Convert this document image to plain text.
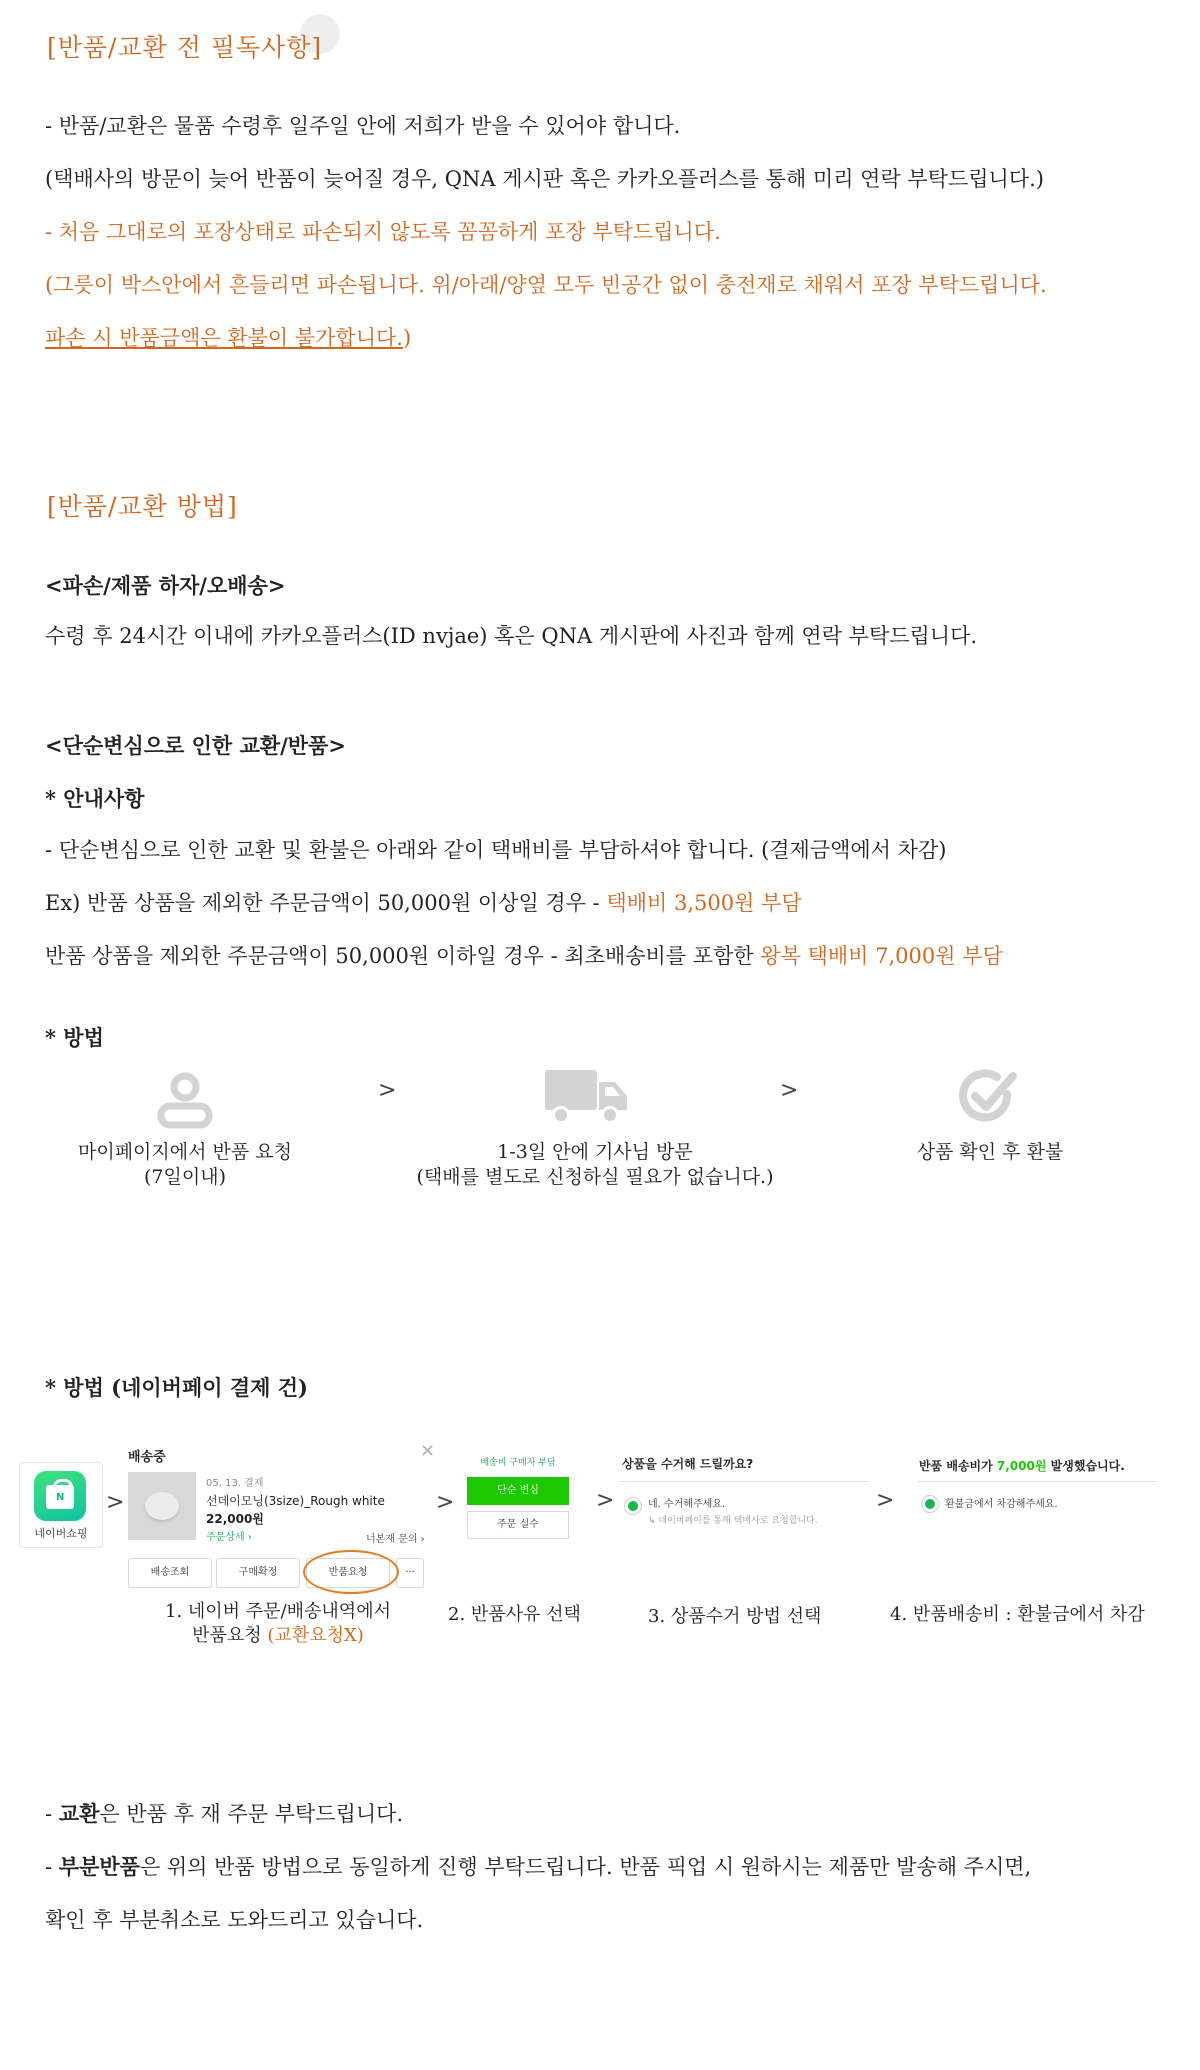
[반품/교환 전 필독사항]
- 반품/교환은 물품 수령후 일주일 안에 저희가 받을 수 있어야 합니다.
(택배사의 방문이 늦어 반품이 늦어질 경우, QNA 게시판 혹은 카카오플러스를 통해 미리 연락 부탁드립니다.)
- 처음 그대로의 포장상태로 파손되지 않도록 꼼꼼하게 포장 부탁드립니다.
(그릇이 박스안에서 흔들리면 파손됩니다. 위/아래/양옆 모두 빈공간 없이 충전재로 채워서 포장 부탁드립니다.
파손 시 반품금액은 환불이 불가합니다.)
[반품/교환 방법]
<파손/제품 하자/오배송>
수령 후 24시간 이내에 카카오플러스(ID nvjae) 혹은 QNA 게시판에 사진과 함께 연락 부탁드립니다.
<단순변심으로 인한 교환/반품>
* 안내사항
- 단순변심으로 인한 교환 및 환불은 아래와 같이 택배비를 부담하셔야 합니다. (결제금액에서 차감)
Ex) 반품 상품을 제외한 주문금액이 50,000원 이상일 경우 - 택배비 3,500원 부담
반품 상품을 제외한 주문금액이 50,000원 이하일 경우 - 최초배송비를 포함한 왕복 택배비 7,000원 부담
* 방법
>	>
마이페이지에서 반품 요청
(7일이내)
1-3일 안에 기사님 방문
(택배를 별도로 신청하실 필요가 없습니다.)
상품 확인 후 환불
* 방법 (네이버페이 결제 건)
N
네이버쇼핑
>
배송중	×
05. 13. 결제
선데이모닝(3size)_Rough white
22,000원
주문상세 ›	너본재 문의 ›
배송조회	구매확정	반품요청	···
>
배송비 구매자 부담
단순 변심
주문 실수
>
상품을 수거해 드릴까요?
네. 수거해주세요.
↳ 네이버페이를 통해 택배사로 요청합니다.
>
반품 배송비가 7,000원 발생했습니다.
환불금에서 차감해주세요.
1. 네이버 주문/배송내역에서
반품요청 (교환요청X)
2. 반품사유 선택	3. 상품수거 방법 선택	4. 반품배송비 : 환불금에서 차감
- 교환은 반품 후 재 주문 부탁드립니다.
- 부분반품은 위의 반품 방법으로 동일하게 진행 부탁드립니다. 반품 픽업 시 원하시는 제품만 발송해 주시면,
확인 후 부분취소로 도와드리고 있습니다.
